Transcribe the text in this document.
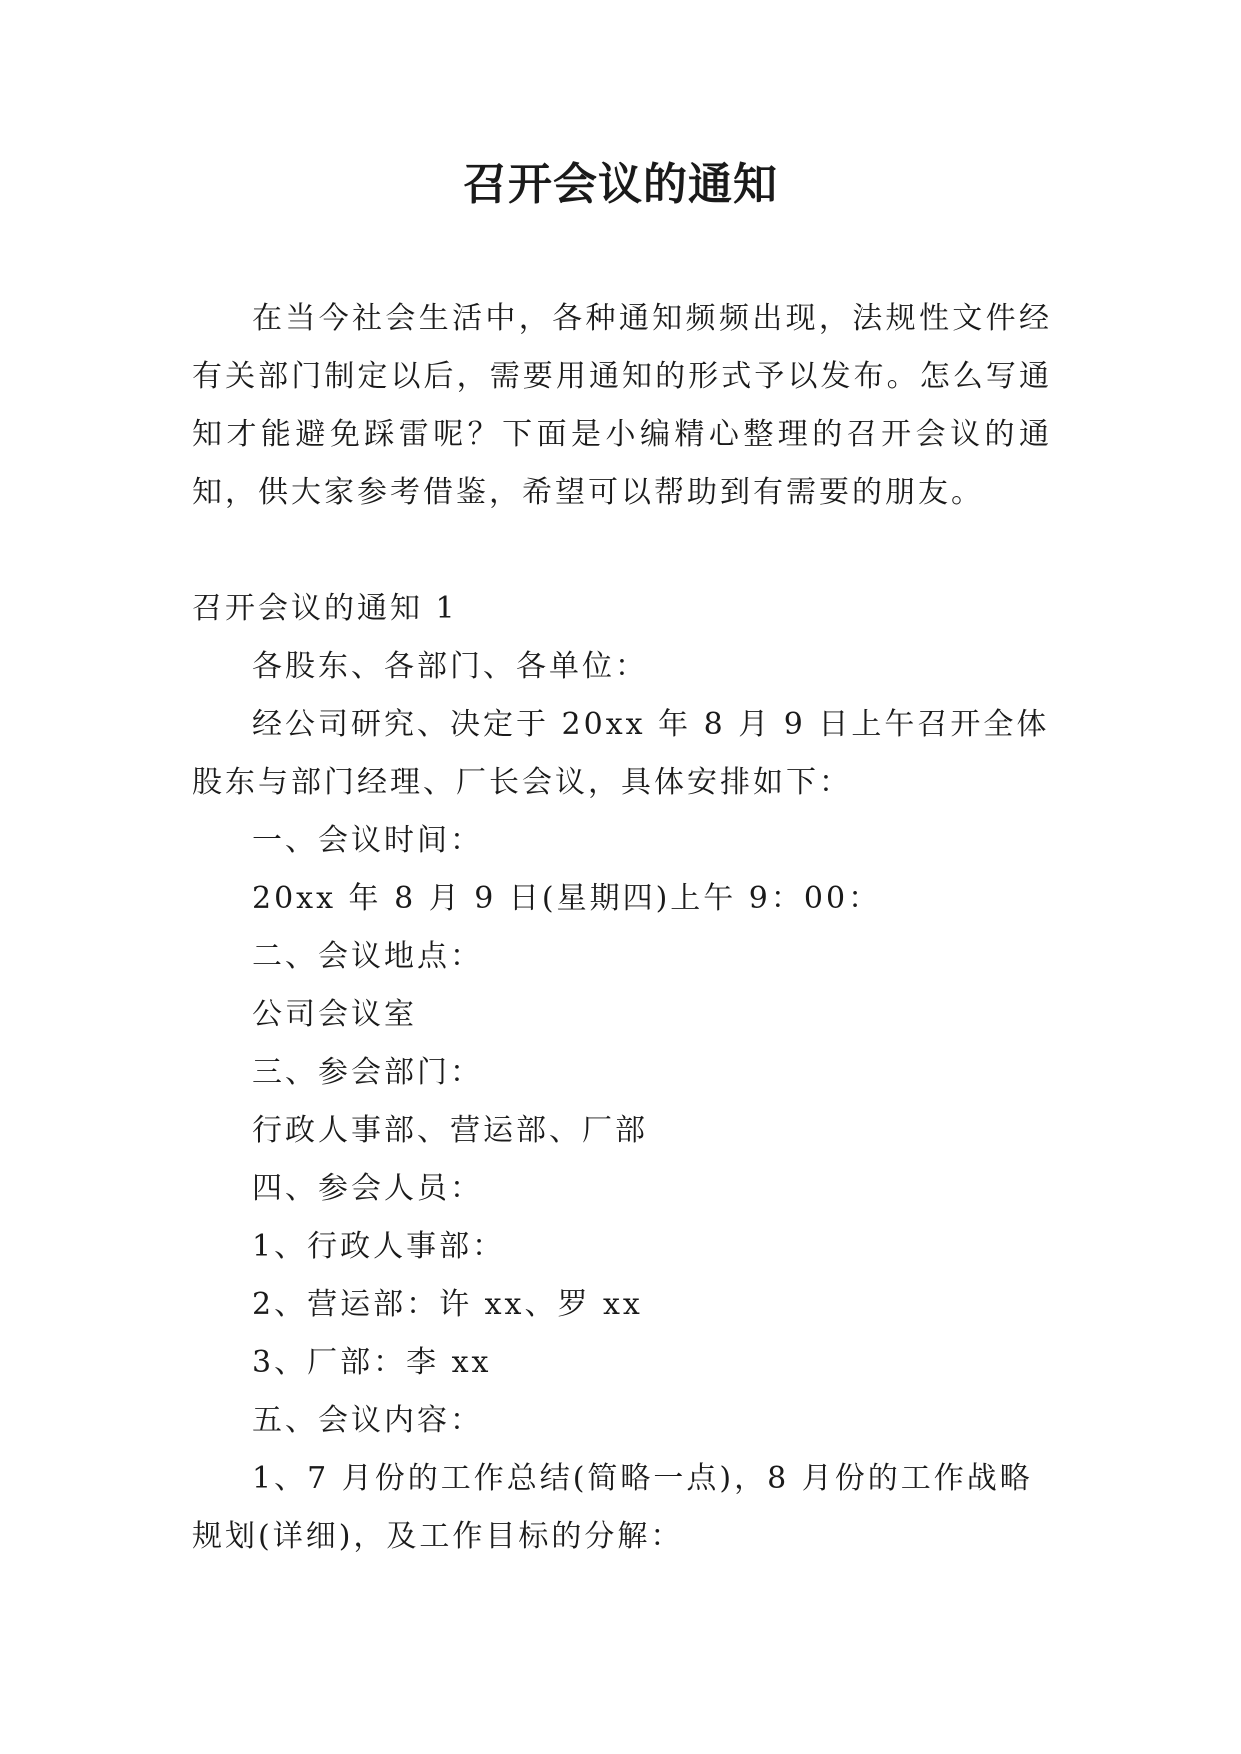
召开会议的通知

在当今社会生活中，各种通知频频出现，法规性文件经有关部门制定以后，需要用通知的形式予以发布。怎么写通知才能避免踩雷呢？下面是小编精心整理的召开会议的通知，供大家参考借鉴，希望可以帮助到有需要的朋友。

召开会议的通知 1

各股东、各部门、各单位：

经公司研究、决定于 20xx 年 8 月 9 日上午召开全体股东与部门经理、厂长会议，具体安排如下：

一、会议时间：

20xx 年 8 月 9 日(星期四)上午 9：00：

二、会议地点：

公司会议室

三、参会部门：

行政人事部、营运部、厂部

四、参会人员：

1、行政人事部：

2、营运部：许 xx、罗 xx

3、厂部：李 xx

五、会议内容：

1、7 月份的工作总结(简略一点)，8 月份的工作战略规划(详细)，及工作目标的分解：
